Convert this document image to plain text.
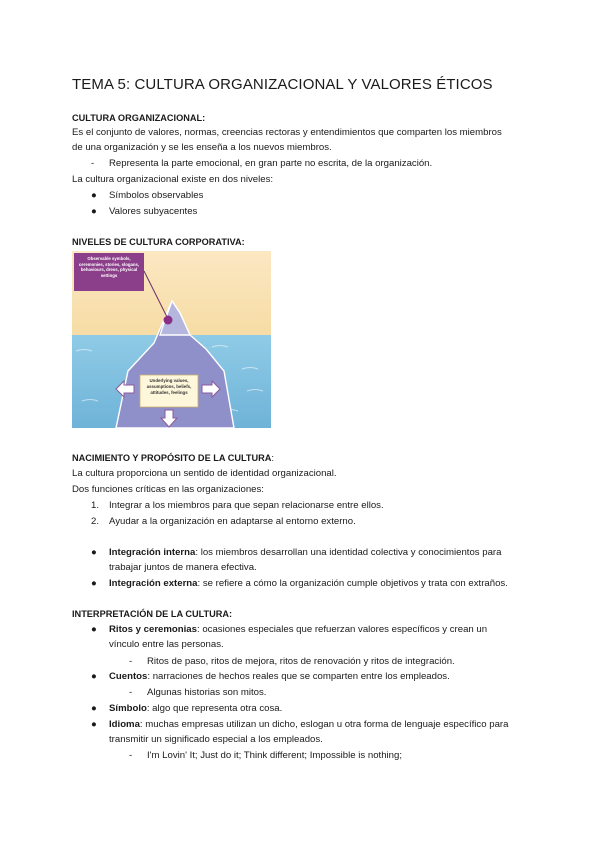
TEMA 5: CULTURA ORGANIZACIONAL Y VALORES ÉTICOS
CULTURA ORGANIZACIONAL:
Es el conjunto de valores, normas, creencias rectoras y entendimientos que comparten los miembros
de una organización y se les enseña a los nuevos miembros.
- Representa la parte emocional, en gran parte no escrita, de la organización.
La cultura organizacional existe en dos niveles:
● Símbolos observables
● Valores subyacentes
NIVELES DE CULTURA CORPORATIVA:
Observable symbols, ceremonies, stories, slogans, behaviours, dress, physical settings
Underlying values, assumptions, beliefs, attitudes, feelings
NACIMIENTO Y PROPÓSITO DE LA CULTURA:
La cultura proporciona un sentido de identidad organizacional.
Dos funciones críticas en las organizaciones:
1. Integrar a los miembros para que sepan relacionarse entre ellos.
2. Ayudar a la organización en adaptarse al entorno externo.
● Integración interna: los miembros desarrollan una identidad colectiva y conocimientos para
trabajar juntos de manera efectiva.
● Integración externa: se refiere a cómo la organización cumple objetivos y trata con extraños.
INTERPRETACIÓN DE LA CULTURA:
● Ritos y ceremonias: ocasiones especiales que refuerzan valores específicos y crean un
vínculo entre las personas.
- Ritos de paso, ritos de mejora, ritos de renovación y ritos de integración.
● Cuentos: narraciones de hechos reales que se comparten entre los empleados.
- Algunas historias son mitos.
● Símbolo: algo que representa otra cosa.
● Idioma: muchas empresas utilizan un dicho, eslogan u otra forma de lenguaje específico para
transmitir un significado especial a los empleados.
- I'm Lovin' It; Just do it; Think different; Impossible is nothing;
